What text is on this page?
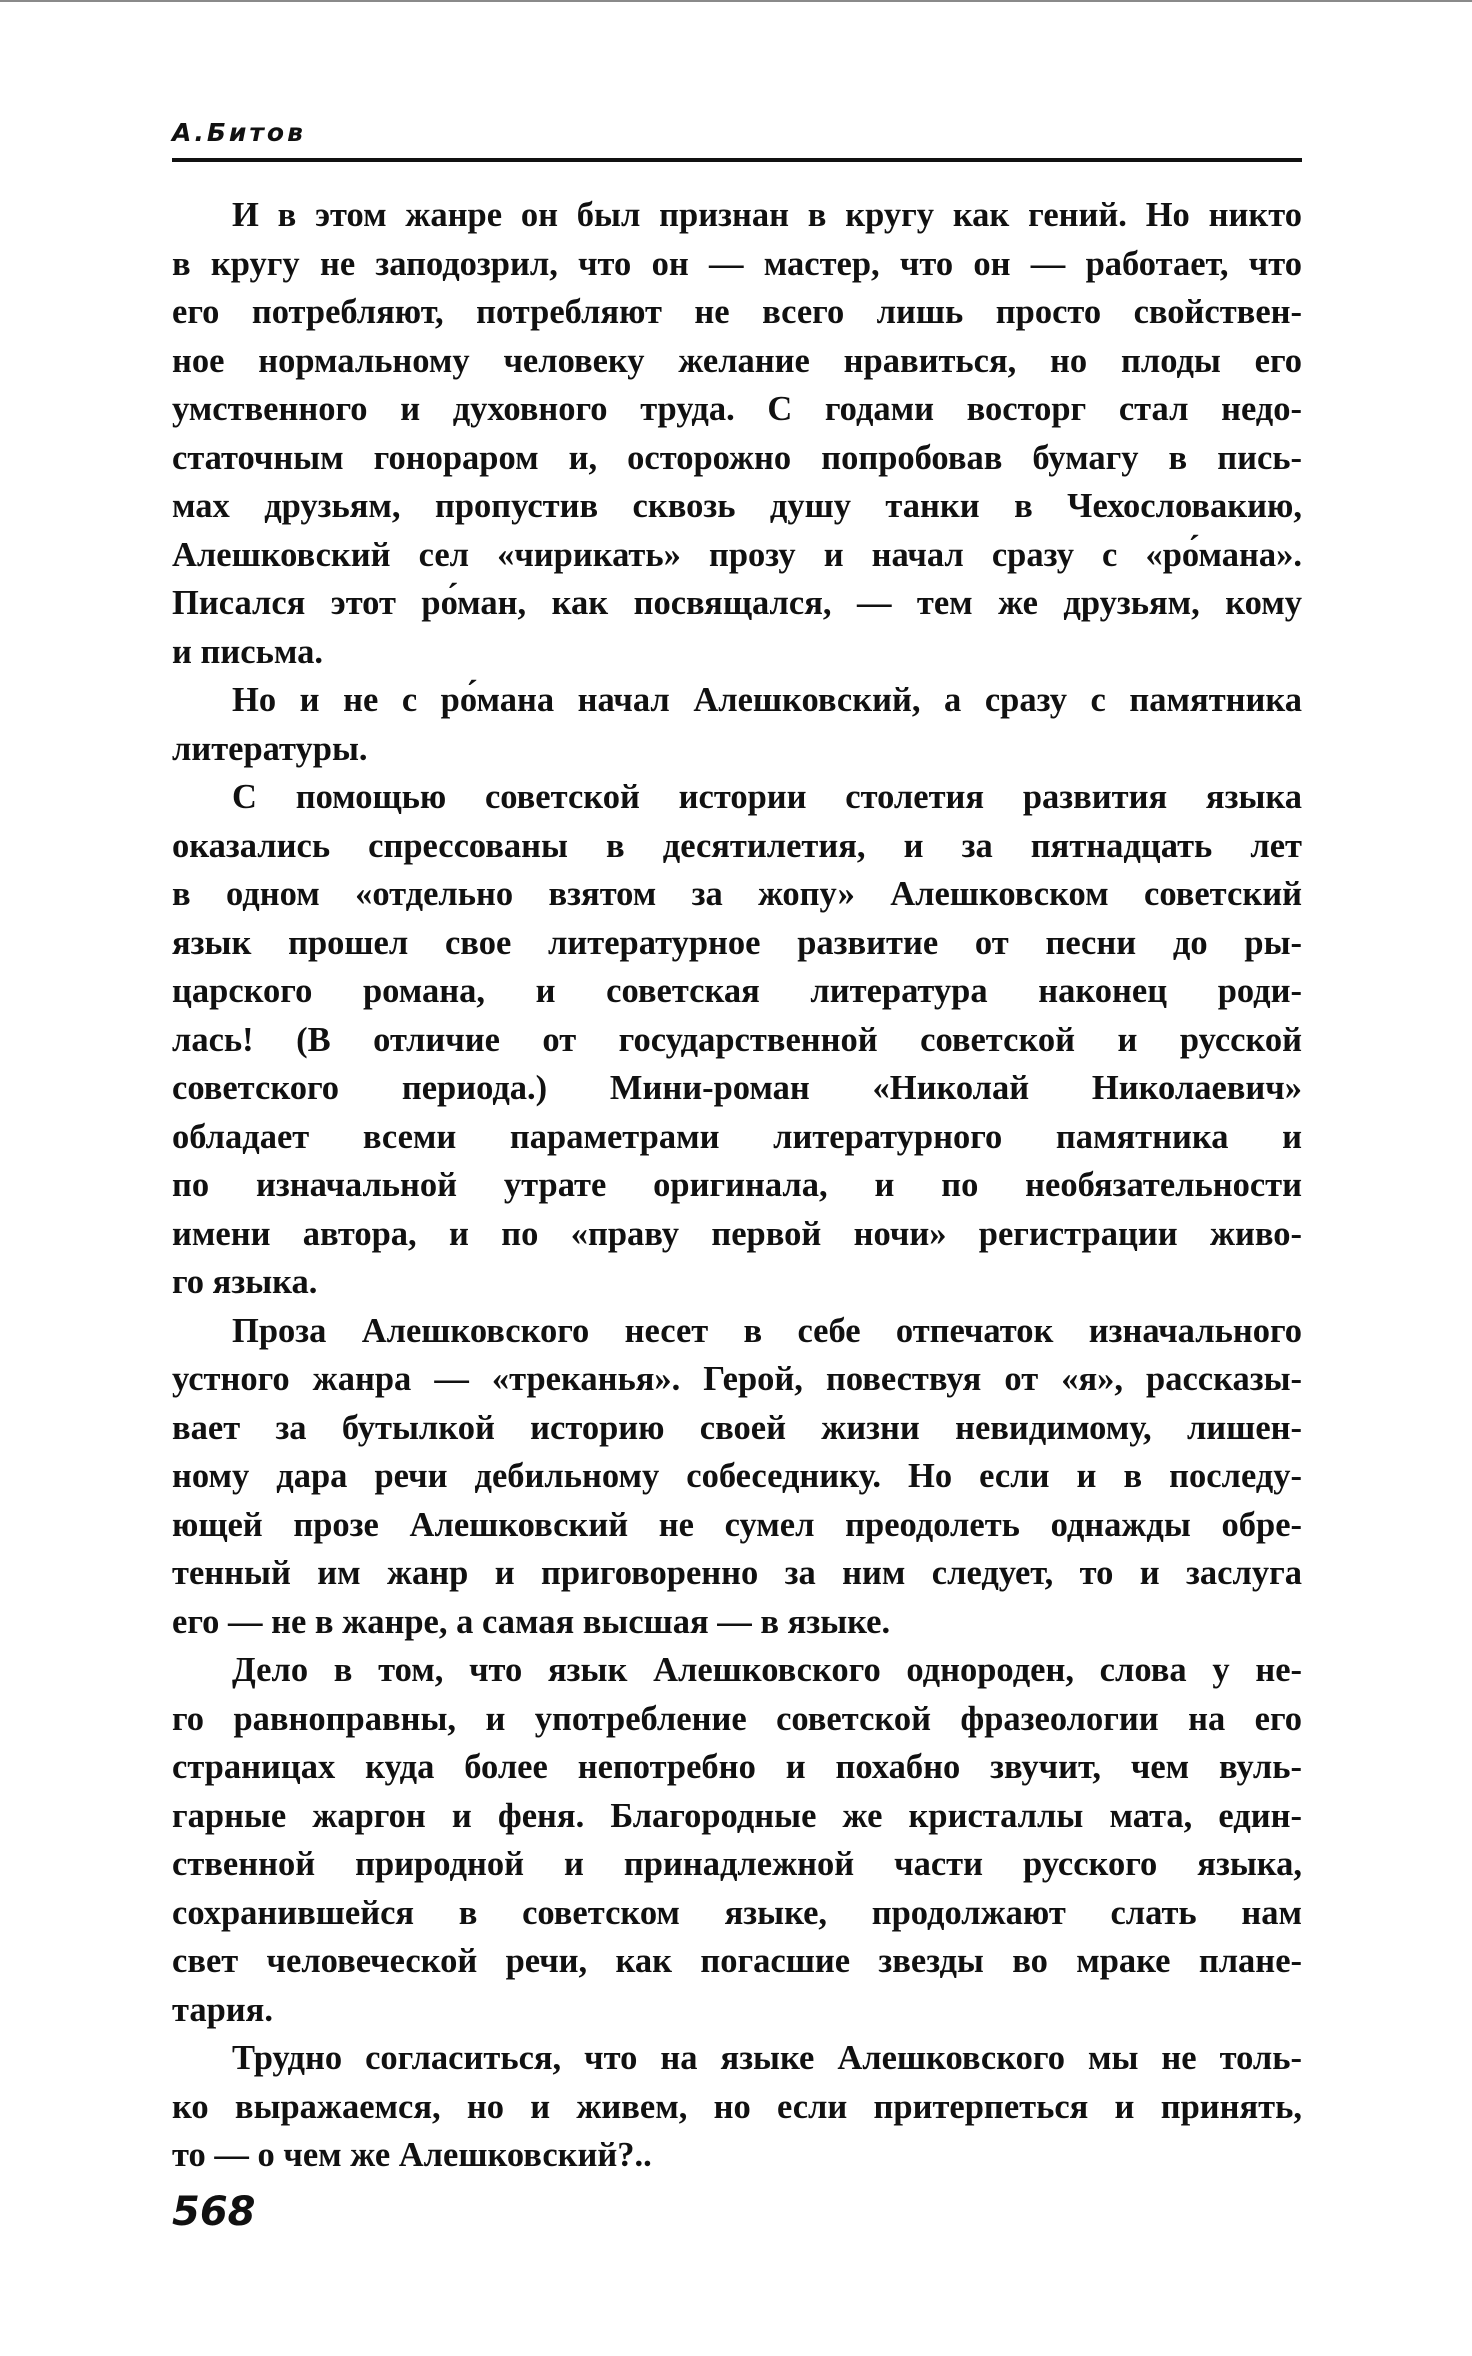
А.Битов

И в этом жанре он был признан в кругу как гений. Но никто
в кругу не заподозрил, что он — мастер, что он — работает, что
его потребляют, потребляют не всего лишь просто свойствен-
ное нормальному человеку желание нравиться, но плоды его
умственного и духовного труда. С годами восторг стал недо-
статочным гонораром и, осторожно попробовав бумагу в пись-
мах друзьям, пропустив сквозь душу танки в Чехословакию,
Алешковский сел «чирикать» прозу и начал сразу с «ро́мана».
Писался этот ро́ман, как посвящался, — тем же друзьям, кому
и письма.

Но и не с ро́мана начал Алешковский, а сразу с памятника
литературы.

С помощью советской истории столетия развития языка
оказались спрессованы в десятилетия, и за пятнадцать лет
в одном «отдельно взятом за жопу» Алешковском советский
язык прошел свое литературное развитие от песни до ры-
царского романа, и советская литература наконец роди-
лась! (В отличие от государственной советской и русской
советского периода.) Мини-роман «Николай Николаевич»
обладает всеми параметрами литературного памятника и
по изначальной утрате оригинала, и по необязательности
имени автора, и по «праву первой ночи» регистрации живо-
го языка.

Проза Алешковского несет в себе отпечаток изначального
устного жанра — «треканья». Герой, повествуя от «я», рассказы-
вает за бутылкой историю своей жизни невидимому, лишен-
ному дара речи дебильному собеседнику. Но если и в последу-
ющей прозе Алешковский не сумел преодолеть однажды обре-
тенный им жанр и приговоренно за ним следует, то и заслуга
его — не в жанре, а самая высшая — в языке.

Дело в том, что язык Алешковского однороден, слова у не-
го равноправны, и употребление советской фразеологии на его
страницах куда более непотребно и похабно звучит, чем вуль-
гарные жаргон и феня. Благородные же кристаллы мата, един-
ственной природной и принадлежной части русского языка,
сохранившейся в советском языке, продолжают слать нам
свет человеческой речи, как погасшие звезды во мраке плане-
тария.

Трудно согласиться, что на языке Алешковского мы не толь-
ко выражаемся, но и живем, но если притерпеться и принять,
то — о чем же Алешковский?..

568
